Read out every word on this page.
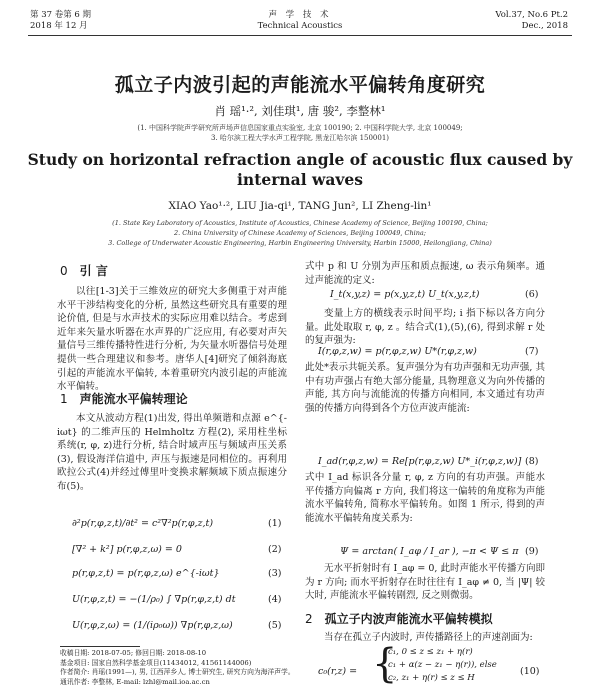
第 37 卷第 6 期
2018 年 12 月
声 学 技 术
Technical Acoustics
Vol.37, No.6 Pt.2
Dec., 2018
孤立子内波引起的声能流水平偏转角度研究
肖 瑶¹·², 刘佳琪¹, 唐 骏², 李整林¹
(1. 中国科学院声学研究所声场声信息国家重点实验室, 北京 100190; 2. 中国科学院大学, 北京 100049;
3. 哈尔滨工程大学水声工程学院, 黑龙江哈尔滨 150001)
Study on horizontal refraction angle of acoustic flux caused by
internal waves
XIAO Yao¹·², LIU Jia-qi¹, TANG Jun², LI Zheng-lin¹
(1. State Key Laboratory of Acoustics, Institute of Acoustics, Chinese Academy of Science, Beijing 100190, China;
2. China University of Chinese Academy of Sciences, Beijing 100049, China;
3. College of Underwater Acoustic Engineering, Harbin Engineering University, Harbin 15000, Heilongjiang, China)
0 引 言
以往[1-3]关于三维效应的研究大多侧重于对声能水平干涉结构变化的分析, 虽然这些研究具有重要的理论价值, 但是与水声技术的实际应用难以结合。考虑到近年来矢量水听器在水声界的广泛应用, 有必要对声矢量信号三维传播特性进行分析, 为矢量水听器信号处理提供一些合理建议和参考。唐华人[4]研究了倾斜海底引起的声能流水平偏转, 本着重研究内波引起的声能流水平偏转。
1 声能流水平偏转理论
本文从波动方程(1)出发, 得出单频谐和点源 e^{-iωt} 的二维声压的 Helmholtz 方程(2), 采用柱坐标系统(r, φ, z)进行分析, 结合时域声压与频域声压关系(3), 假设海洋信道中, 声压与振速是同相位的。再利用欧拉公式(4)并经过傅里叶变换求解频域下质点振速分布(5)。
∂²p(r,φ,z,t)/∂t² = c²∇²p(r,φ,z,t)	(1)
[∇² + k²] p(r,φ,z,ω) = 0	(2)
p(r,φ,z,t) = p(r,φ,z,ω) e^{-iωt}	(3)
U(r,φ,z,t) = −(1/ρ₀) ∫ ∇p(r,φ,z,t) dt	(4)
U(r,φ,z,ω) = (1/(iρ₀ω)) ∇p(r,φ,z,ω)	(5)
收稿日期: 2018-07-05; 修回日期: 2018-08-10
基金项目: 国家自然科学基金项目(11434012, 41561144006)
作者简介: 肖瑶(1991—), 男, 江西萍乡人, 博士研究生, 研究方向为海洋声学。
通讯作者: 李整林, E-mail: lzhl@mail.ioa.ac.cn
式中 p 和 U 分别为声压和质点振速, ω 表示角频率。通过声能流的定义:
I_t(x,y,z) = p(x,y,z,t) U_t(x,y,z,t)	(6)
变量上方的横线表示时间平均; i 指下标以各方向分量。此处取取 r, φ, z 。结合式(1),(5),(6), 得到求解 r 处的复声强为:
I(r,φ,z,w) = p(r,φ,z,w) U*(r,φ,z,w)	(7)
此处*表示共轭关系。复声强分为有功声强和无功声强, 其中有功声强占有绝大部分能量, 具物理意义为向外传播的声能, 其方向与流能流的传播方向相同, 本文通过有功声强的传播方向得到各个方位声波声能流:
I_ad(r,φ,z,w) = Re[p(r,φ,z,w) U*_i(r,φ,z,w)] (8)
式中 I_ad 标识各分量 r, φ, z 方向的有功声强。声能水平传播方向偏离 r 方向, 我们将这一偏转的角度称为声能流水平偏转角, 简称水平偏转角。如图 1 所示, 得到的声能流水平偏转角度关系为:
Ψ = arctan( I_aφ / I_ar ), −π < Ψ ≤ π (9)
无水平折射时有 I_aφ = 0, 此时声能水平传播方向即为 r 方向; 而水平折射存在时往往有 I_aφ ≠ 0, 当 |Ψ| 较大时, 声能流水平偏转剧烈, 反之则微弱。
2 孤立子内波声能流水平偏转模拟
当存在孤立子内波时, 声传播路径上的声速剖面为:
c₀(r,z) = {
c₁, 0 ≤ z ≤ z₁ + η(r)
c₁ + α(z − z₁ − η(r)), else
c₂, z₁ + η(r) ≤ z ≤ H
(10)
